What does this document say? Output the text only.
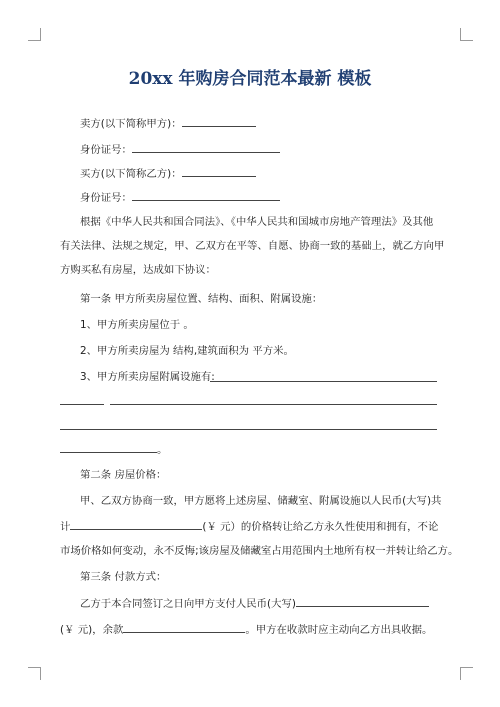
20xx 年购房合同范本最新 模板
卖方(以下简称甲方)：
身份证号：
买方(以下简称乙方)：
身份证号：
根据《中华人民共和国合同法》、《中华人民共和国城市房地产管理法》及其他
有关法律、法规之规定，甲、乙双方在平等、自愿、协商一致的基础上，就乙方向甲
方购买私有房屋，达成如下协议：
第一条 甲方所卖房屋位置、结构、面积、附属设施：
1、甲方所卖房屋位于 。
2、甲方所卖房屋为 结构,建筑面积为 平方米。
3、甲方所卖房屋附属设施有:
。
第二条 房屋价格：
甲、乙双方协商一致，甲方愿将上述房屋、储藏室、附属设施以人民币(大写)共
计	(￥ 元）的价格转让给乙方永久性使用和拥有，不论
市场价格如何变动，永不反悔;该房屋及储藏室占用范围内土地所有权一并转让给乙方。
第三条 付款方式：
乙方于本合同签订之日向甲方支付人民币(大写)
(￥ 元)，余款	。甲方在收款时应主动向乙方出具收据。
